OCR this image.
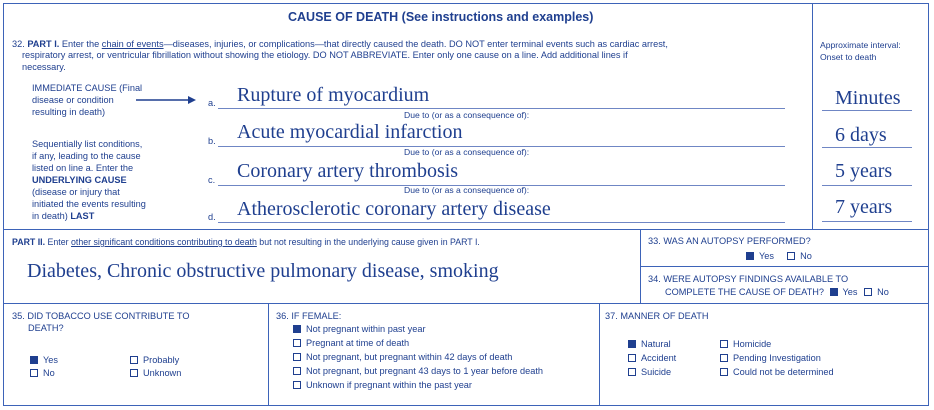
CAUSE OF DEATH (See instructions and examples)
Approximate interval:
Onset to death
32. PART I. Enter the chain of events—diseases, injuries, or complications—that directly caused the death. DO NOT enter terminal events such as cardiac arrest,
respiratory arrest, or ventricular fibrillation without showing the etiology. DO NOT ABBREVIATE. Enter only one cause on a line. Add additional lines if
necessary.
IMMEDIATE CAUSE (Final
disease or condition
resulting in death)
Sequentially list conditions,
if any, leading to the cause
listed on line a. Enter the
UNDERLYING CAUSE
(disease or injury that
initiated the events resulting
in death) LAST
a. Rupture of myocardium	Minutes
Due to (or as a consequence of):
b. Acute myocardial infarction	6 days
Due to (or as a consequence of):
c. Coronary artery thrombosis	5 years
Due to (or as a consequence of):
d. Atherosclerotic coronary artery disease	7 years
PART II. Enter other significant conditions contributing to death but not resulting in the underlying cause given in PART I.
Diabetes, Chronic obstructive pulmonary disease, smoking
33. WAS AN AUTOPSY PERFORMED?
Yes	No
34. WERE AUTOPSY FINDINGS AVAILABLE TO
COMPLETE THE CAUSE OF DEATH? Yes No
35. DID TOBACCO USE CONTRIBUTE TO
DEATH?
Yes
No
Probably
Unknown
36. IF FEMALE:
Not pregnant within past year
Pregnant at time of death
Not pregnant, but pregnant within 42 days of death
Not pregnant, but pregnant 43 days to 1 year before death
Unknown if pregnant within the past year
37. MANNER OF DEATH
Natural
Accident
Suicide
Homicide
Pending Investigation
Could not be determined
